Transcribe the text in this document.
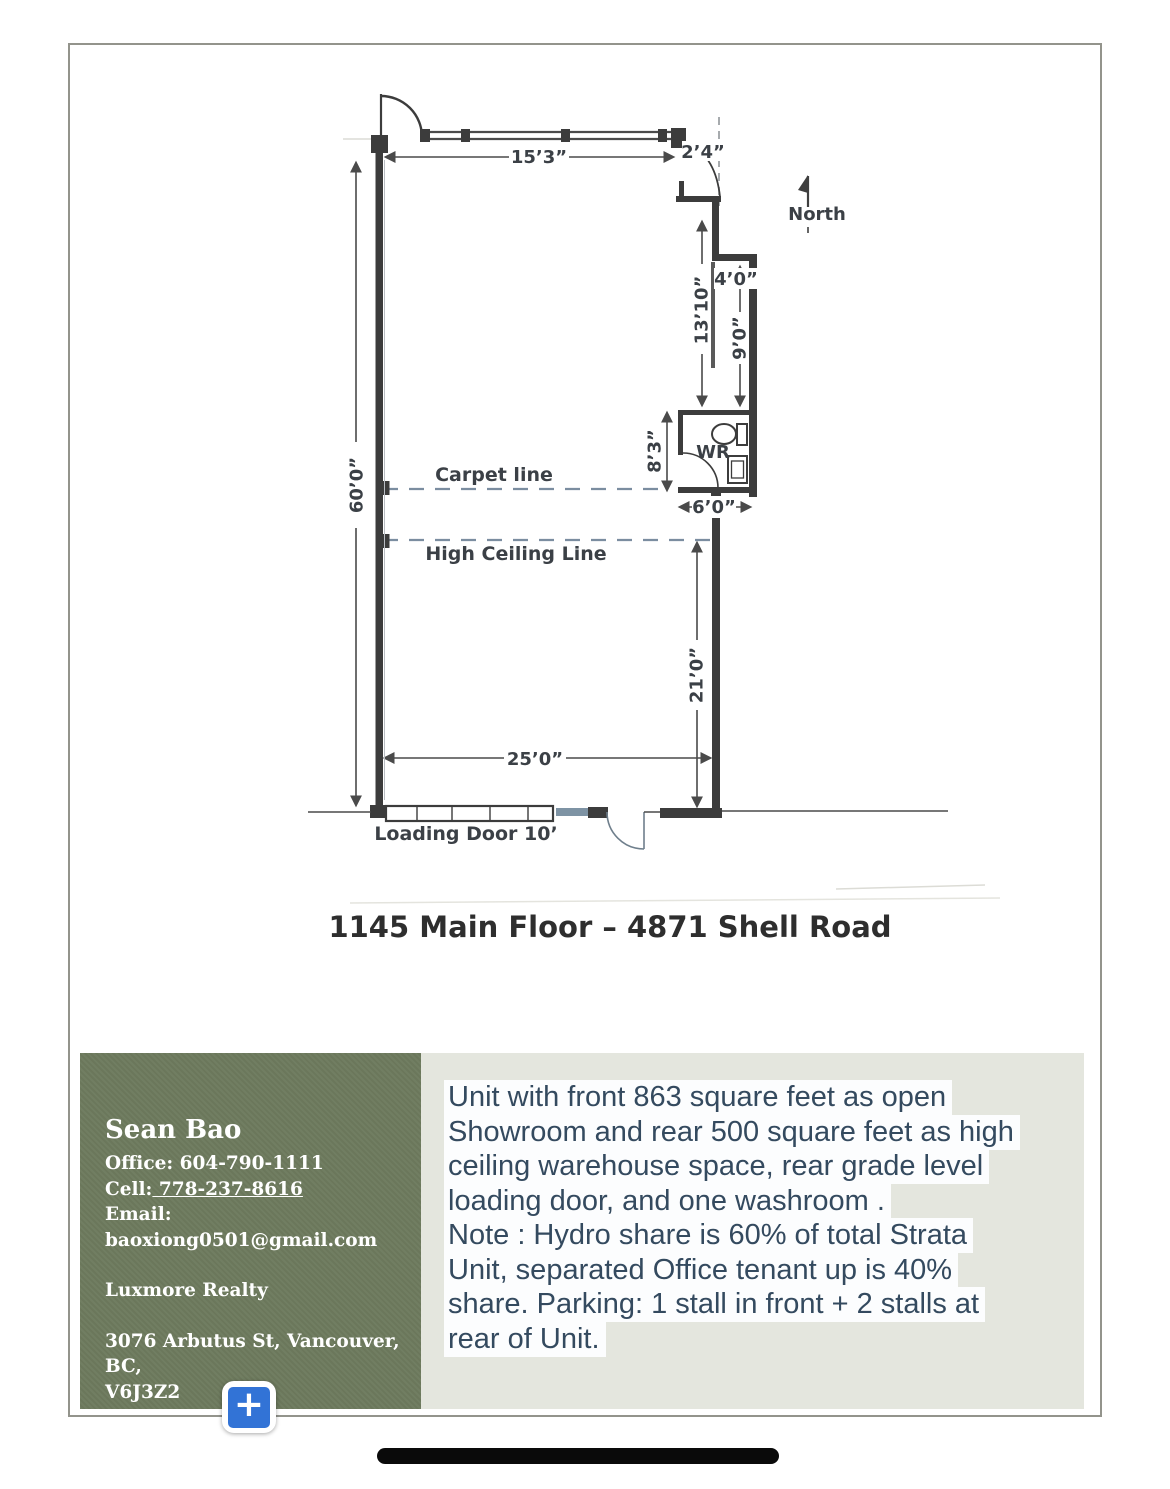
60’0”
15’3”	2’4”
13’10” 9’0”
4’0”
8’3” WR
6’0”
Carpet line
High Ceiling Line
21’0”
25’0”
Loading Door 10’
North
1145 Main Floor – 4871 Shell Road
Sean Bao
Office: 604-790-1111
Cell: 778-237-8616
Email:
baoxiong0501@gmail.com
Luxmore Realty
3076 Arbutus St, Vancouver, BC,
V6J3Z2
Unit with front 863 square feet as open
Showroom and rear 500 square feet as high
ceiling warehouse space, rear grade level
loading door, and one washroom .
Note : Hydro share is 60% of total Strata
Unit, separated Office tenant up is 40%
share. Parking: 1 stall in front + 2 stalls at
rear of Unit.
+
